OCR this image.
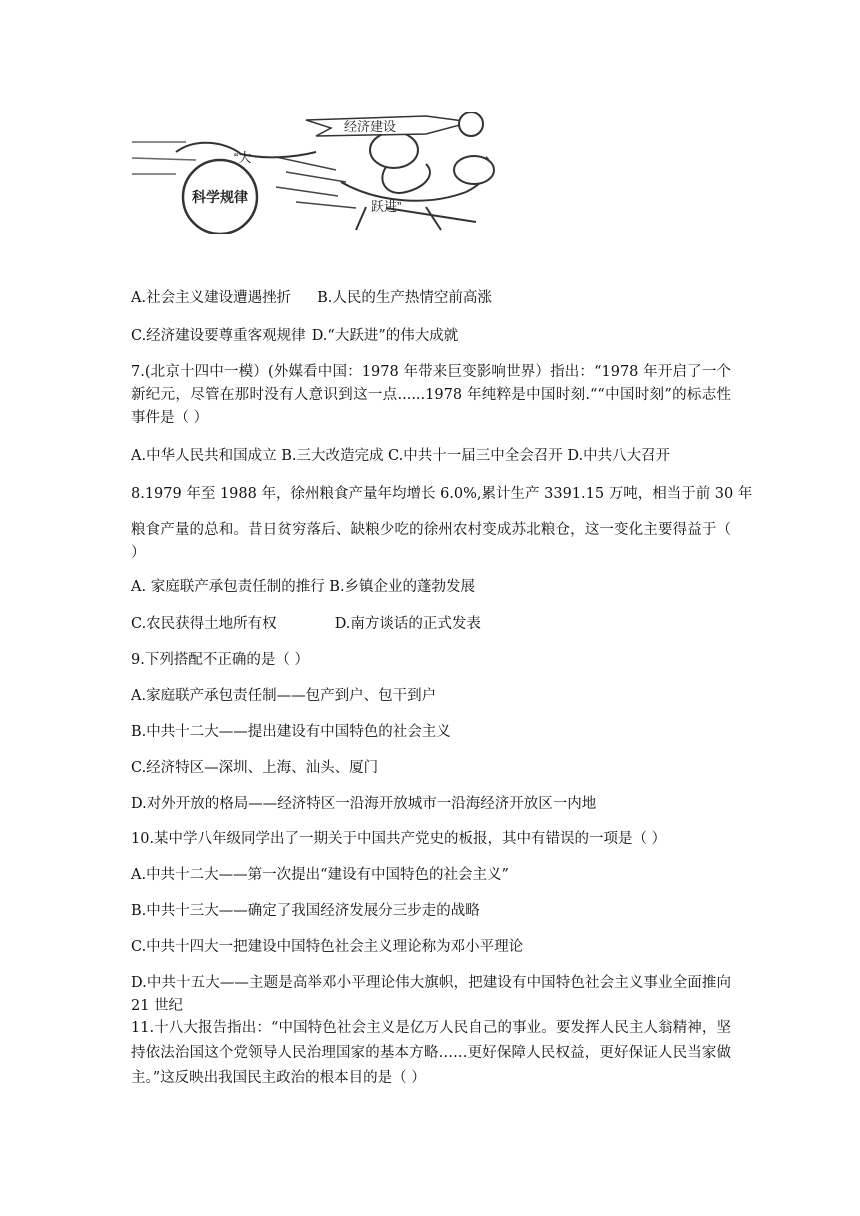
经济建设
科学规律
“大
跃进”
A.社会主义建设遭遇挫折 B.人民的生产热情空前高涨
C.经济建设要尊重客观规律 D.“大跃进”的伟大成就
7.(北京十四中一模）(外媒看中国：1978 年带来巨变影响世界）指出：“1978 年开启了一个新纪元，尽管在那时没有人意识到这一点......1978 年纯粹是中国时刻.““中国时刻”的标志性事件是（ ）
A.中华人民共和国成立 B.三大改造完成 C.中共十一届三中全会召开 D.中共八大召开
8.1979 年至 1988 年，徐州粮食产量年均增长 6.0%,累计生产 3391.15 万吨，相当于前 30 年
粮食产量的总和。昔日贫穷落后、缺粮少吃的徐州农村变成苏北粮仓，这一变化主要得益于（ ）
A. 家庭联产承包责任制的推行 B.乡镇企业的蓬勃发展
C.农民获得土地所有权	D.南方谈话的正式发表
9.下列搭配不正确的是（ ）
A.家庭联产承包责任制——包产到户、包干到户
B.中共十二大——提出建设有中国特色的社会主义
C.经济特区—深圳、上海、汕头、厦门
D.对外开放的格局——经济特区一沿海开放城市一沿海经济开放区一内地
10.某中学八年级同学出了一期关于中国共产党史的板报，其中有错误的一项是（ ）
A.中共十二大——第一次提出“建设有中国特色的社会主义”
B.中共十三大——确定了我国经济发展分三步走的战略
C.中共十四大一把建设中国特色社会主义理论称为邓小平理论
D.中共十五大——主题是高举邓小平理论伟大旗帜，把建设有中国特色社会主义事业全面推向 21 世纪
11.十八大报告指出：“中国特色社会主义是亿万人民自己的事业。要发挥人民主人翁精神，坚持依法治国这个党领导人民治理国家的基本方略……更好保障人民权益，更好保证人民当家做主。”这反映出我国民主政治的根本目的是（ ）
